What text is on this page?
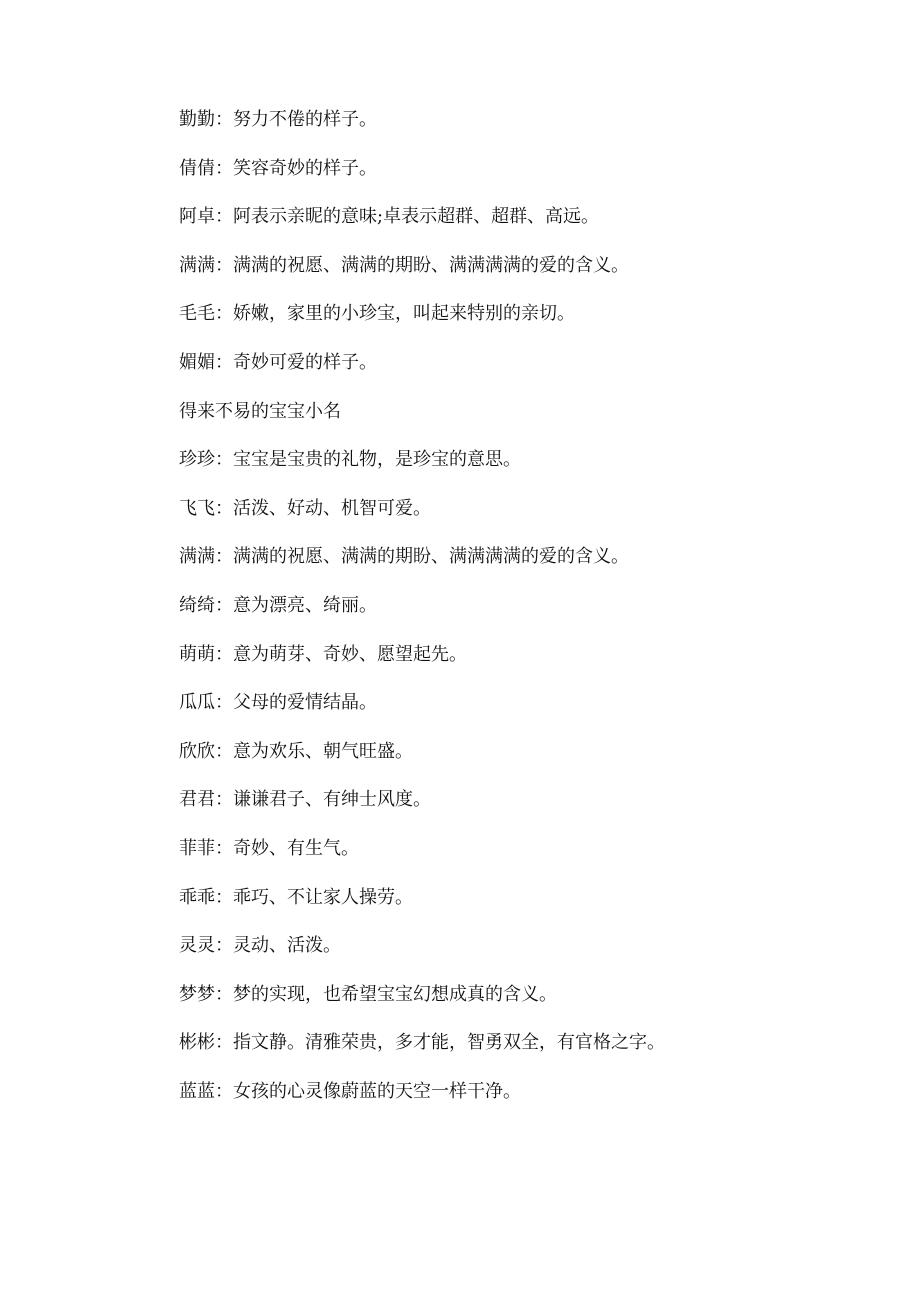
勤勤：努力不倦的样子。
倩倩：笑容奇妙的样子。
阿卓：阿表示亲昵的意味;卓表示超群、超群、高远。
满满：满满的祝愿、满满的期盼、满满满满的爱的含义。
毛毛：娇嫩，家里的小珍宝，叫起来特别的亲切。
媚媚：奇妙可爱的样子。
得来不易的宝宝小名
珍珍：宝宝是宝贵的礼物，是珍宝的意思。
飞飞：活泼、好动、机智可爱。
满满：满满的祝愿、满满的期盼、满满满满的爱的含义。
绮绮：意为漂亮、绮丽。
萌萌：意为萌芽、奇妙、愿望起先。
瓜瓜：父母的爱情结晶。
欣欣：意为欢乐、朝气旺盛。
君君：谦谦君子、有绅士风度。
菲菲：奇妙、有生气。
乖乖：乖巧、不让家人操劳。
灵灵：灵动、活泼。
梦梦：梦的实现，也希望宝宝幻想成真的含义。
彬彬：指文静。清雅荣贵，多才能，智勇双全，有官格之字。
蓝蓝：女孩的心灵像蔚蓝的天空一样干净。
